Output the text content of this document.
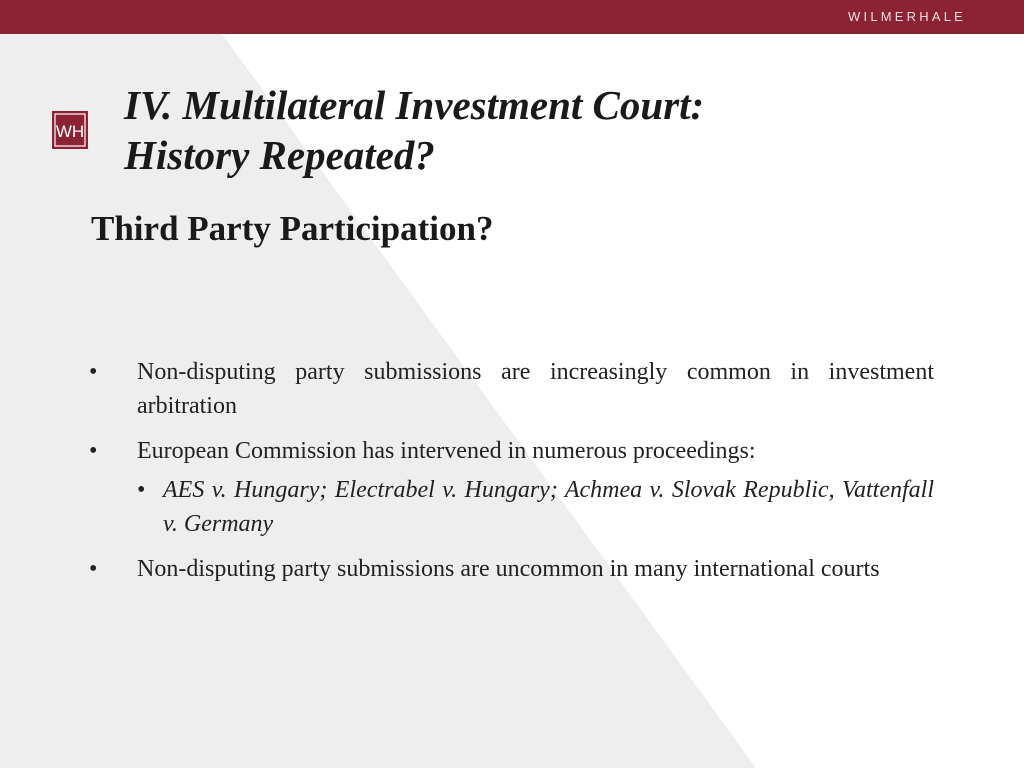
WILMERHALE
WH
IV. Multilateral Investment Court:
History Repeated?
Third Party Participation?
•	Non-disputing party submissions are increasingly common in investment arbitration
•	European Commission has intervened in numerous proceedings:
• AES v. Hungary; Electrabel v. Hungary; Achmea v. Slovak Republic, Vattenfall v. Germany
•	Non-disputing party submissions are uncommon in many international courts
